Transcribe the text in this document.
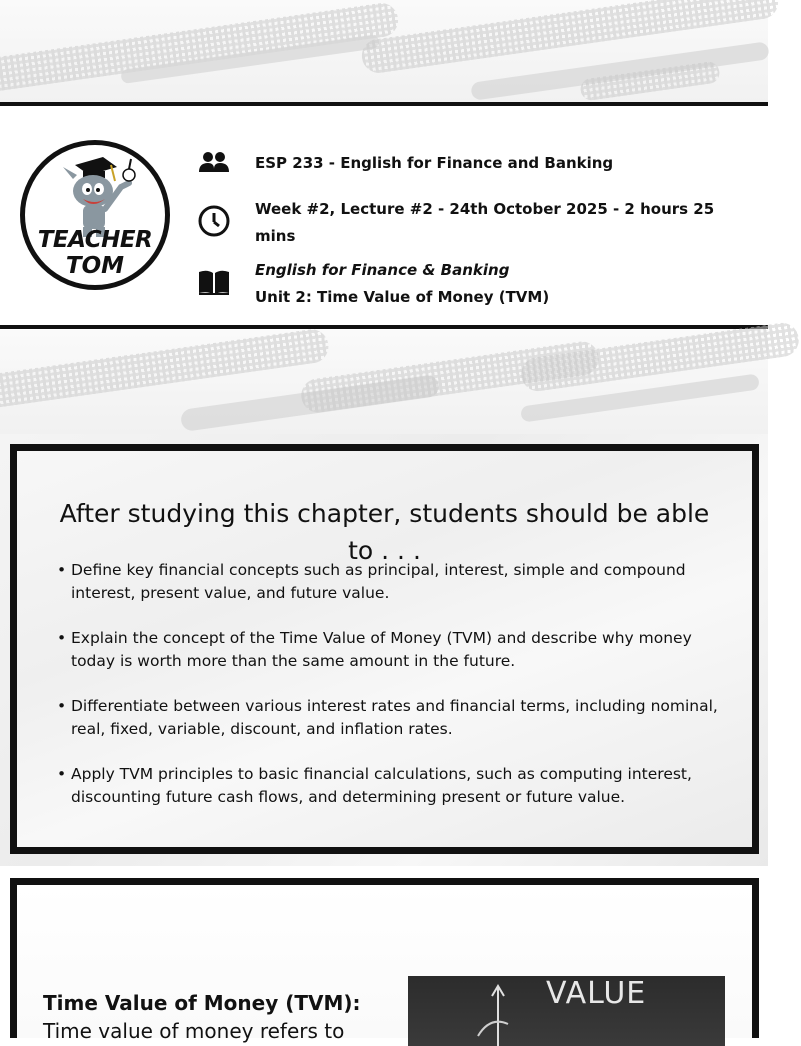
TEACHER
TOM
ESP 233 - English for Finance and Banking
Week #2, Lecture #2 - 24th October 2025 - 2 hours 25 mins
English for Finance & Banking
Unit 2: Time Value of Money (TVM)
After studying this chapter, students should be able to . . .
• Define key financial concepts such as principal, interest, simple and compound interest, present value, and future value.
• Explain the concept of the Time Value of Money (TVM) and describe why money today is worth more than the same amount in the future.
• Differentiate between various interest rates and financial terms, including nominal, real, fixed, variable, discount, and inflation rates.
• Apply TVM principles to basic financial calculations, such as computing interest, discounting future cash flows, and determining present or future value.
Time Value of Money (TVM):
Time value of money refers to
VALUE
